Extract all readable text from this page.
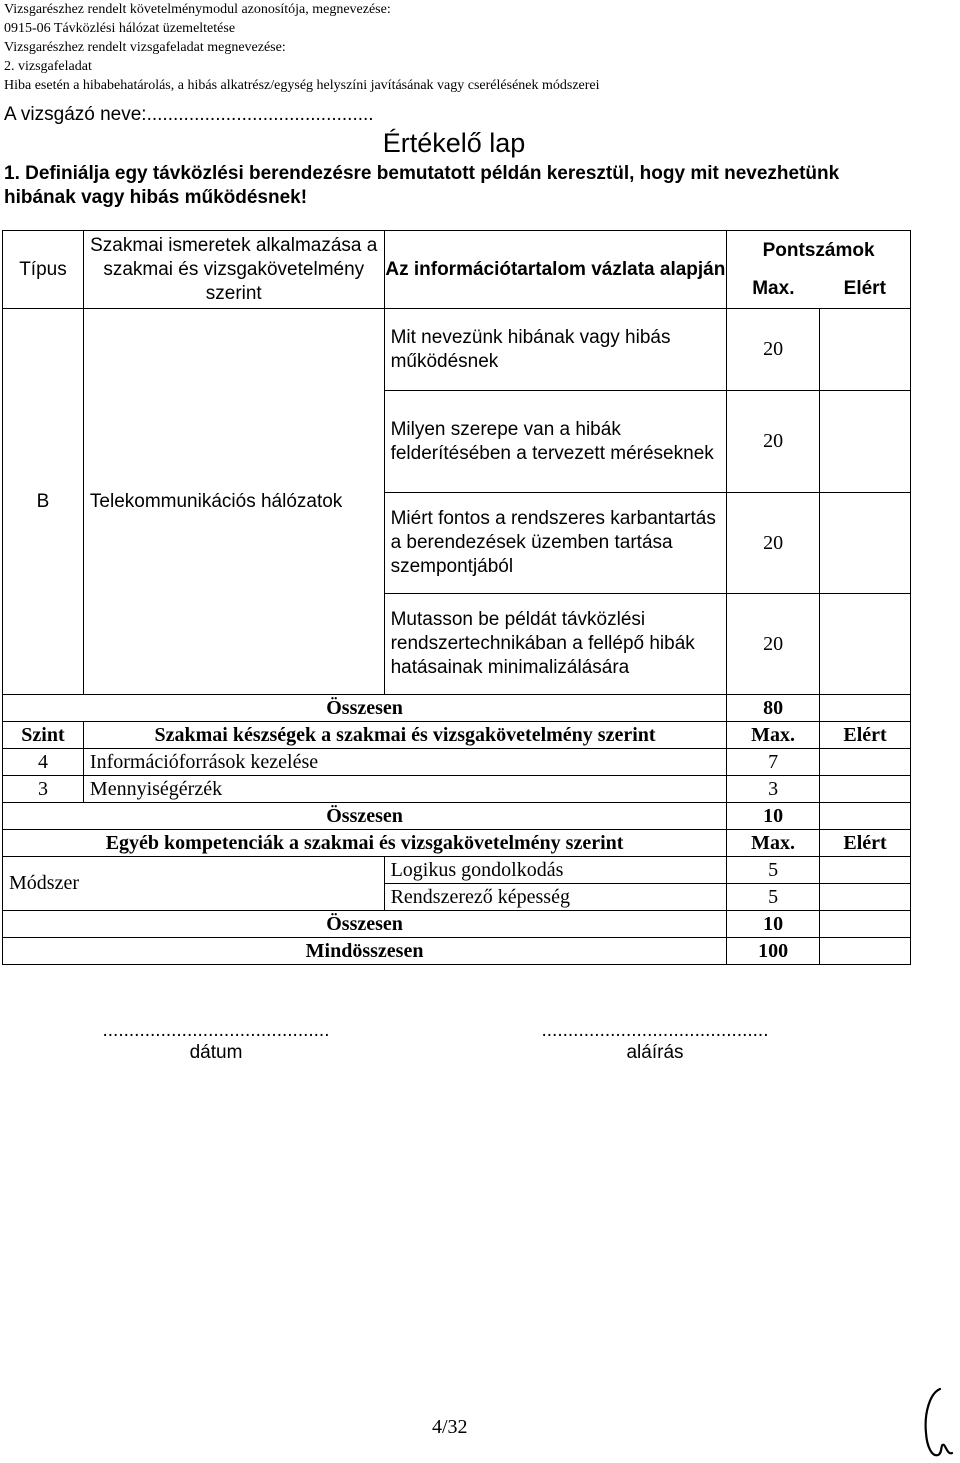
Vizsgarészhez rendelt követelménymodul azonosítója, megnevezése:
0915-06 Távközlési hálózat üzemeltetése
Vizsgarészhez rendelt vizsgafeladat megnevezése:
2. vizsgafeladat
Hiba esetén a hibabehatárolás, a hibás alkatrész/egység helyszíni javításának vagy cserélésének módszerei
A vizsgázó neve:...........................................
Értékelő lap
1. Definiálja egy távközlési berendezésre bemutatott példán keresztül, hogy mit nevezhetünk hibának vagy hibás működésnek!
Típus	Szakmai ismeretek alkalmazása a szakmai és vizsgakövetelmény szerint	Az információtartalom vázlata alapján	Pontszámok	
			Max.	Elért
B	Telekommunikációs hálózatok	Mit nevezünk hibának vagy hibás működésnek	20	
		Milyen szerepe van a hibák felderítésében a tervezett méréseknek	20	
		Miért fontos a rendszeres karbantartás a berendezések üzemben tartása szempontjából	20	
		Mutasson be példát távközlési rendszertechnikában a fellépő hibák hatásainak minimalizálására	20	
Összesen			80	
Szint	Szakmai készségek a szakmai és vizsgakövetelmény szerint		Max.	Elért
4	Információforrások kezelése		7	
3	Mennyiségérzék		3	
Összesen			10	
Egyéb kompetenciák a szakmai és vizsgakövetelmény szerint			Max.	Elért
Módszer		Logikus gondolkodás	5	
		Rendszerező képesség	5	
Összesen			10	
Mindösszesen			100	
...........................................
dátum
...........................................
aláírás
4/32
